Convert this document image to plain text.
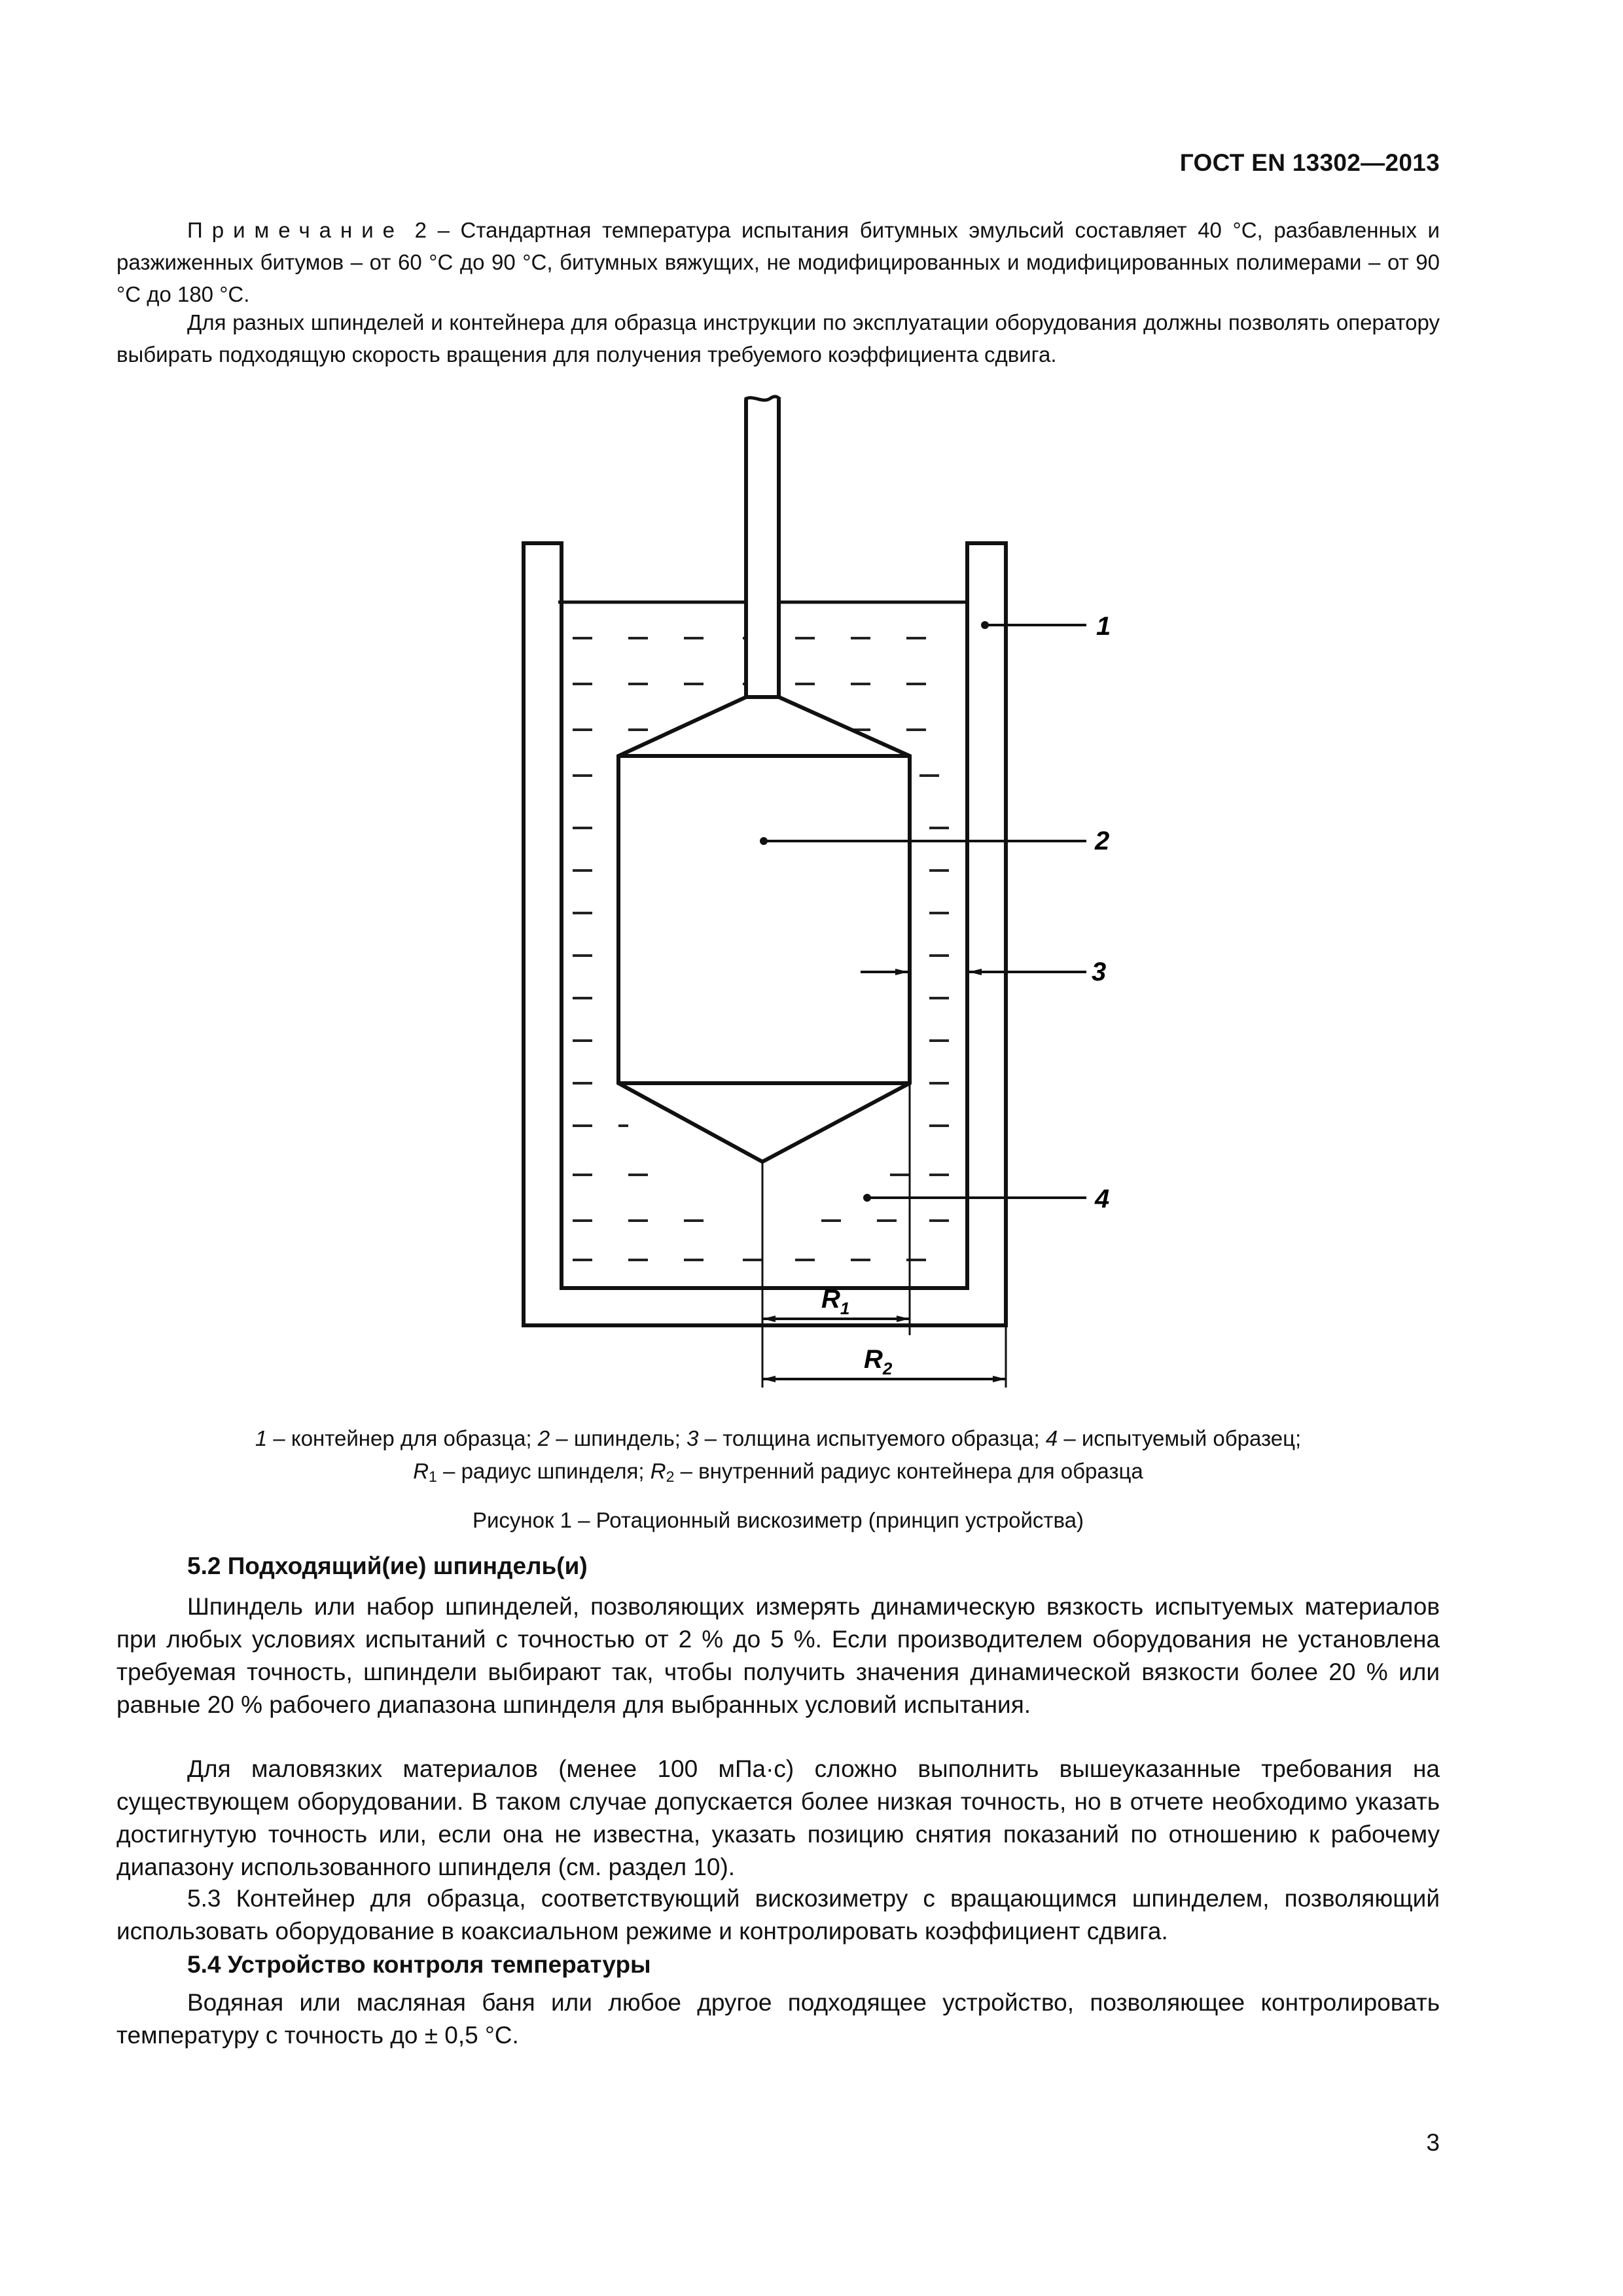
ГОСТ EN 13302—2013
Примечание 2 – Стандартная температура испытания битумных эмульсий составляет 40 °С, разбавленных и разжиженных битумов – от 60 °С до 90 °С, битумных вяжущих, не модифицированных и модифицированных полимерами – от 90 °С до 180 °С.
Для разных шпинделей и контейнера для образца инструкции по эксплуатации оборудования должны позволять оператору выбирать подходящую скорость вращения для получения требуемого коэффициента сдвига.
1
2
3
4
$R_1$
$R_2$
1 – контейнер для образца; 2 – шпиндель; 3 – толщина испытуемого образца; 4 – испытуемый образец;
$R_1$ – радиус шпинделя; $R_2$ – внутренний радиус контейнера для образца
Рисунок 1 – Ротационный вискозиметр (принцип устройства)
5.2 Подходящий(ие) шпиндель(и)
Шпиндель или набор шпинделей, позволяющих измерять динамическую вязкость испытуемых материалов при любых условиях испытаний с точностью от 2 % до 5 %. Если производителем оборудования не установлена требуемая точность, шпиндели выбирают так, чтобы получить значения динамической вязкости более 20 % или равные 20 % рабочего диапазона шпинделя для выбранных условий испытания.
Для маловязких материалов (менее 100 мПа·с) сложно выполнить вышеуказанные требования на существующем оборудовании. В таком случае допускается более низкая точность, но в отчете необходимо указать достигнутую точность или, если она не известна, указать позицию снятия показаний по отношению к рабочему диапазону использованного шпинделя (см. раздел 10).
5.3 Контейнер для образца, соответствующий вискозиметру с вращающимся шпинделем, позволяющий использовать оборудование в коаксиальном режиме и контролировать коэффициент сдвига.
5.4 Устройство контроля температуры
Водяная или масляная баня или любое другое подходящее устройство, позволяющее контролировать температуру с точность до ± 0,5 °С.
3
